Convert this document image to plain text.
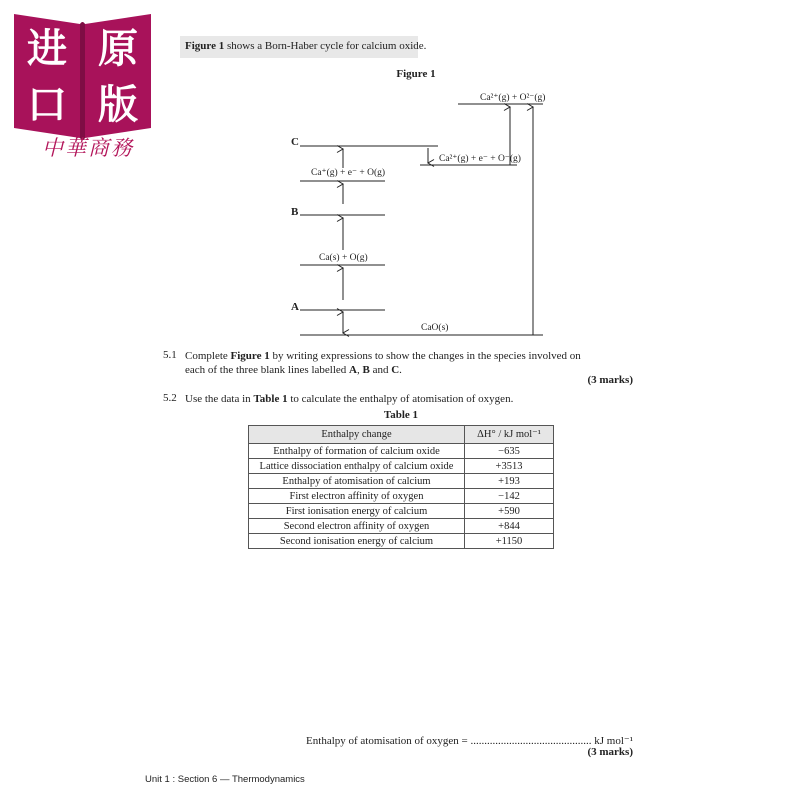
进 原
口 版
中華商務
Figure 1 shows a Born-Haber cycle for calcium oxide.
Figure 1
C
B
A
Ca²⁺(g) + O²⁻(g)
Ca²⁺(g) + e⁻ + O⁻(g)
Ca⁺(g) + e⁻ + O(g)
Ca(s) + O(g)
CaO(s)
5.1 Complete Figure 1 by writing expressions to show the changes in the species involved on
each of the three blank lines labelled A, B and C.
(3 marks)
5.2 Use the data in Table 1 to calculate the enthalpy of atomisation of oxygen.
Table 1
Enthalpy change	ΔH° / kJ mol⁻¹
Enthalpy of formation of calcium oxide	−635
Lattice dissociation enthalpy of calcium oxide	+3513
Enthalpy of atomisation of calcium	+193
First electron affinity of oxygen	−142
First ionisation energy of calcium	+590
Second electron affinity of oxygen	+844
Second ionisation energy of calcium	+1150
Enthalpy of atomisation of oxygen = ............................................ kJ mol⁻¹
(3 marks)
Unit 1 : Section 6 — Thermodynamics
